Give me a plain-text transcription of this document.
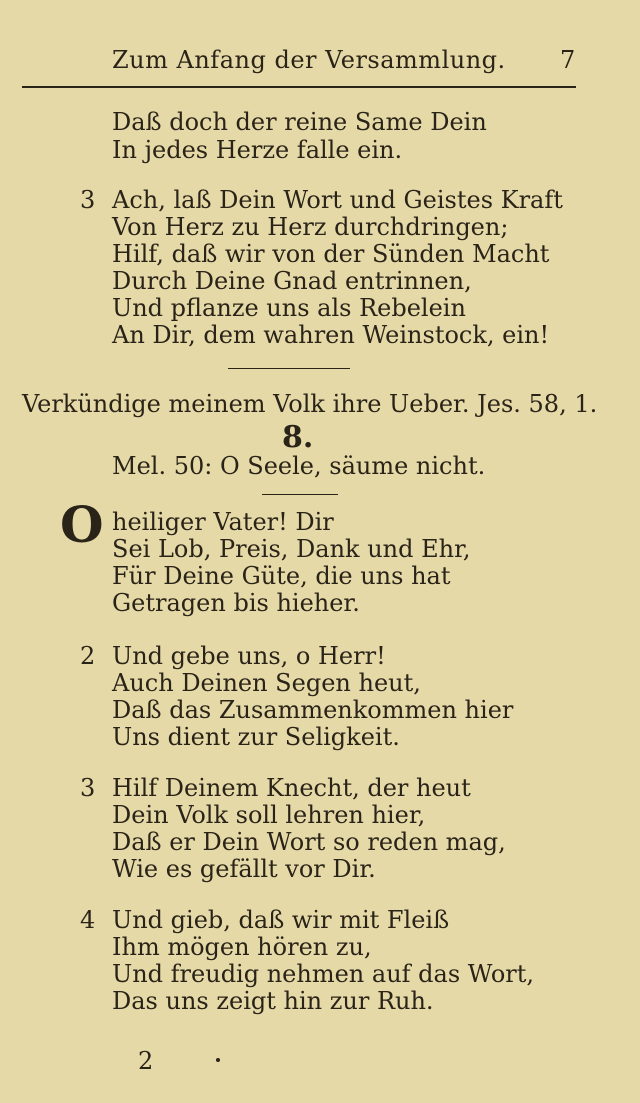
Zum Anfang der Versammlung. 7
Daß doch der reine Same Dein
In jedes Herze falle ein.
3 Ach, laß Dein Wort und Geistes Kraft
Von Herz zu Herz durchdringen;
Hilf, daß wir von der Sünden Macht
Durch Deine Gnad entrinnen,
Und pflanze uns als Rebelein
An Dir, dem wahren Weinstock, ein!
Verkündige meinem Volk ihre Ueber. Jes. 58, 1.
8.
Mel. 50: O Seele, säume nicht.
O heiliger Vater! Dir
Sei Lob, Preis, Dank und Ehr,
Für Deine Güte, die uns hat
Getragen bis hieher.
2 Und gebe uns, o Herr!
Auch Deinen Segen heut,
Daß das Zusammenkommen hier
Uns dient zur Seligkeit.
3 Hilf Deinem Knecht, der heut
Dein Volk soll lehren hier,
Daß er Dein Wort so reden mag,
Wie es gefällt vor Dir.
4 Und gieb, daß wir mit Fleiß
Ihm mögen hören zu,
Und freudig nehmen auf das Wort,
Das uns zeigt hin zur Ruh.
2
